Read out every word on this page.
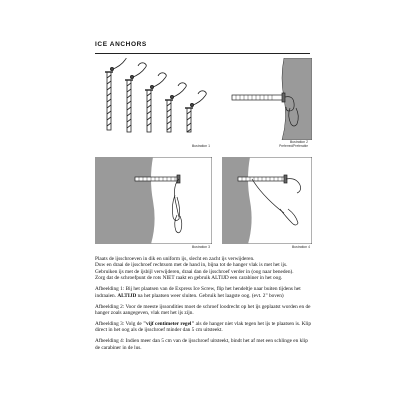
ICE ANCHORS
Illustration 1
Illustration 2
Preferred/Preferable
Illustration 3	Illustration 4

Plaats de ijsschroeven in dik en uniform ijs, slecht en zacht ijs verwijderen.
Duw en draai de ijsschroef rechtsom met de hand in, bijna tot de hanger vlak is met het ijs.
Gebruiken ijs met de ijsbijl verwijderen, draai dan de ijsschroef verder in (oog naar beneden).
Zorg dat de schroefpunt de rots NIET raakt en gebruik ALTIJD een carabiner in het oog.

Afbeelding 1: Bij het plaatsen van de Express Ice Screw, flip het hendeltje naar buiten tijdens het indraaien. ALTIJD na het plaatsen weer sluiten. Gebruik het laagste oog. (evt. 2" boven)

Afbeelding 2: Voor de meeste ijssondities moet de schroef loodrecht op het ijs geplaatst worden en de hanger zoals aangegeven, vlak met het ijs zijn.

Afbeelding 3: Volg de "vijf centimeter regel" als de hanger niet vlak tegen het ijs te plaatsen is. Klip direct in het oog als de ijsschroef minder dan 5 cm uitsteekt.

Afbeelding 4: Indien meer dan 5 cm van de ijsschroef uitsteekt, bindt het af met een schlinge en klip de carabiner in de lus.
